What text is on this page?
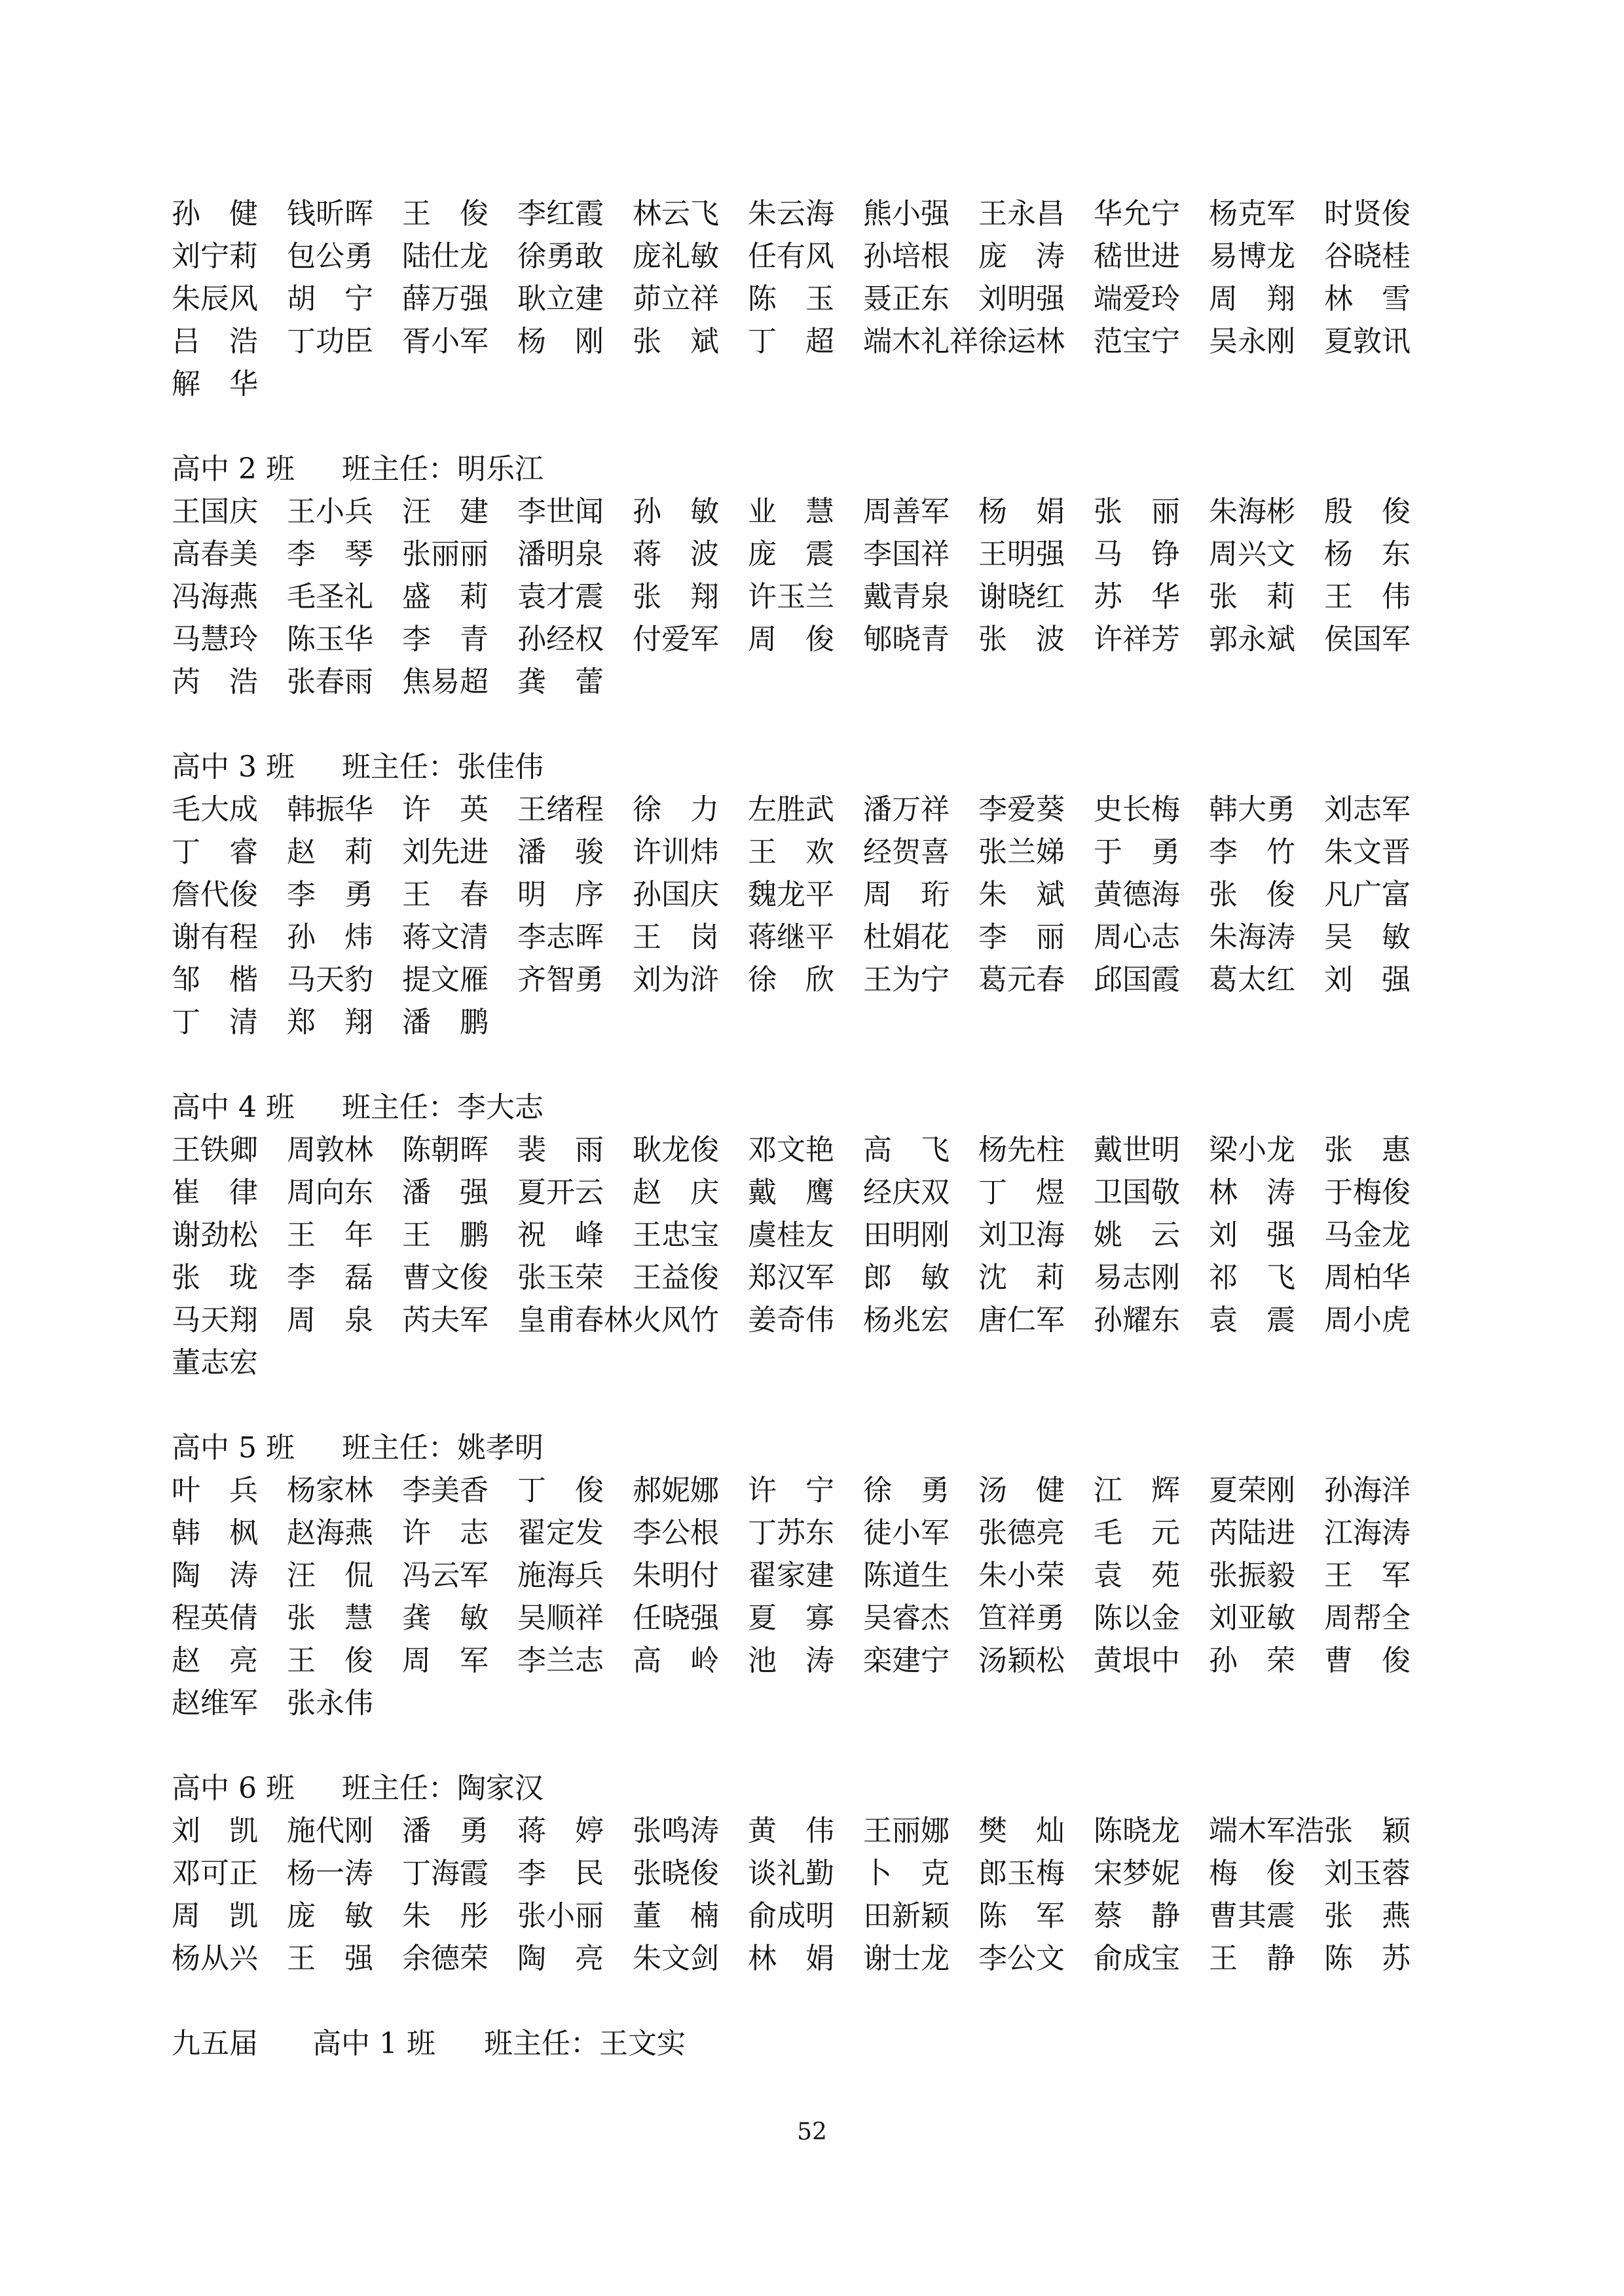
孙　健 钱昕晖 王　俊 李红霞 林云飞 朱云海 熊小强 王永昌 华允宁 杨克军 时贤俊
刘宁莉 包公勇 陆仕龙 徐勇敢 庞礼敏 任有风 孙培根 庞　涛 嵇世进 易博龙 谷晓桂
朱辰风 胡　宁 薛万强 耿立建 茆立祥 陈　玉 聂正东 刘明强 端爱玲 周　翔 林　雪
吕　浩 丁功臣 胥小军 杨　刚 张　斌 丁　超 端木礼祥 徐运林 范宝宁 吴永刚 夏敦讯
解　华
高中 2 班 班主任：明乐江
王国庆 王小兵 汪　建 李世闻 孙　敏 业　慧 周善军 杨　娟 张　丽 朱海彬 殷　俊
高春美 李　琴 张丽丽 潘明泉 蒋　波 庞　震 李国祥 王明强 马　铮 周兴文 杨　东
冯海燕 毛圣礼 盛　莉 袁才震 张　翔 许玉兰 戴青泉 谢晓红 苏　华 张　莉 王　伟
马慧玲 陈玉华 李　青 孙经权 付爱军 周　俊 郇晓青 张　波 许祥芳 郭永斌 侯国军
芮　浩 张春雨 焦易超 龚　蕾
高中 3 班 班主任：张佳伟
毛大成 韩振华 许　英 王绪程 徐　力 左胜武 潘万祥 李爱葵 史长梅 韩大勇 刘志军
丁　睿 赵　莉 刘先进 潘　骏 许训炜 王　欢 经贺喜 张兰娣 于　勇 李　竹 朱文晋
詹代俊 李　勇 王　春 明　序 孙国庆 魏龙平 周　珩 朱　斌 黄德海 张　俊 凡广富
谢有程 孙　炜 蒋文清 李志晖 王　岗 蒋继平 杜娟花 李　丽 周心志 朱海涛 吴　敏
邹　楷 马天豹 提文雁 齐智勇 刘为浒 徐　欣 王为宁 葛元春 邱国霞 葛太红 刘　强
丁　清 郑　翔 潘　鹏
高中 4 班 班主任：李大志
王铁卿 周敦林 陈朝晖 裴　雨 耿龙俊 邓文艳 高　飞 杨先柱 戴世明 梁小龙 张　惠
崔　律 周向东 潘　强 夏开云 赵　庆 戴　鹰 经庆双 丁　煜 卫国敬 林　涛 于梅俊
谢劲松 王　年 王　鹏 祝　峰 王忠宝 虞桂友 田明刚 刘卫海 姚　云 刘　强 马金龙
张　珑 李　磊 曹文俊 张玉荣 王益俊 郑汉军 郎　敏 沈　莉 易志刚 祁　飞 周柏华
马天翔 周　泉 芮夫军 皇甫春林 火风竹 姜奇伟 杨兆宏 唐仁军 孙耀东 袁　震 周小虎
董志宏
高中 5 班 班主任：姚孝明
叶　兵 杨家林 李美香 丁　俊 郝妮娜 许　宁 徐　勇 汤　健 江　辉 夏荣刚 孙海洋
韩　枫 赵海燕 许　志 翟定发 李公根 丁苏东 徒小军 张德亮 毛　元 芮陆进 江海涛
陶　涛 汪　侃 冯云军 施海兵 朱明付 翟家建 陈道生 朱小荣 袁　苑 张振毅 王　军
程英倩 张　慧 龚　敏 吴顺祥 任晓强 夏　寡 吴睿杰 笪祥勇 陈以金 刘亚敏 周帮全
赵　亮 王　俊 周　军 李兰志 高　岭 池　涛 栾建宁 汤颖松 黄垠中 孙　荣 曹　俊
赵维军 张永伟
高中 6 班 班主任：陶家汉
刘　凯 施代刚 潘　勇 蒋　婷 张鸣涛 黄　伟 王丽娜 樊　灿 陈晓龙 端木军浩 张　颖
邓可正 杨一涛 丁海霞 李　民 张晓俊 谈礼勤 卜　克 郎玉梅 宋梦妮 梅　俊 刘玉蓉
周　凯 庞　敏 朱　彤 张小丽 董　楠 俞成明 田新颖 陈　军 蔡　静 曹其震 张　燕
杨从兴 王　强 余德荣 陶　亮 朱文剑 林　娟 谢士龙 李公文 俞成宝 王　静 陈　苏
九五届 高中 1 班 班主任：王文实
52
